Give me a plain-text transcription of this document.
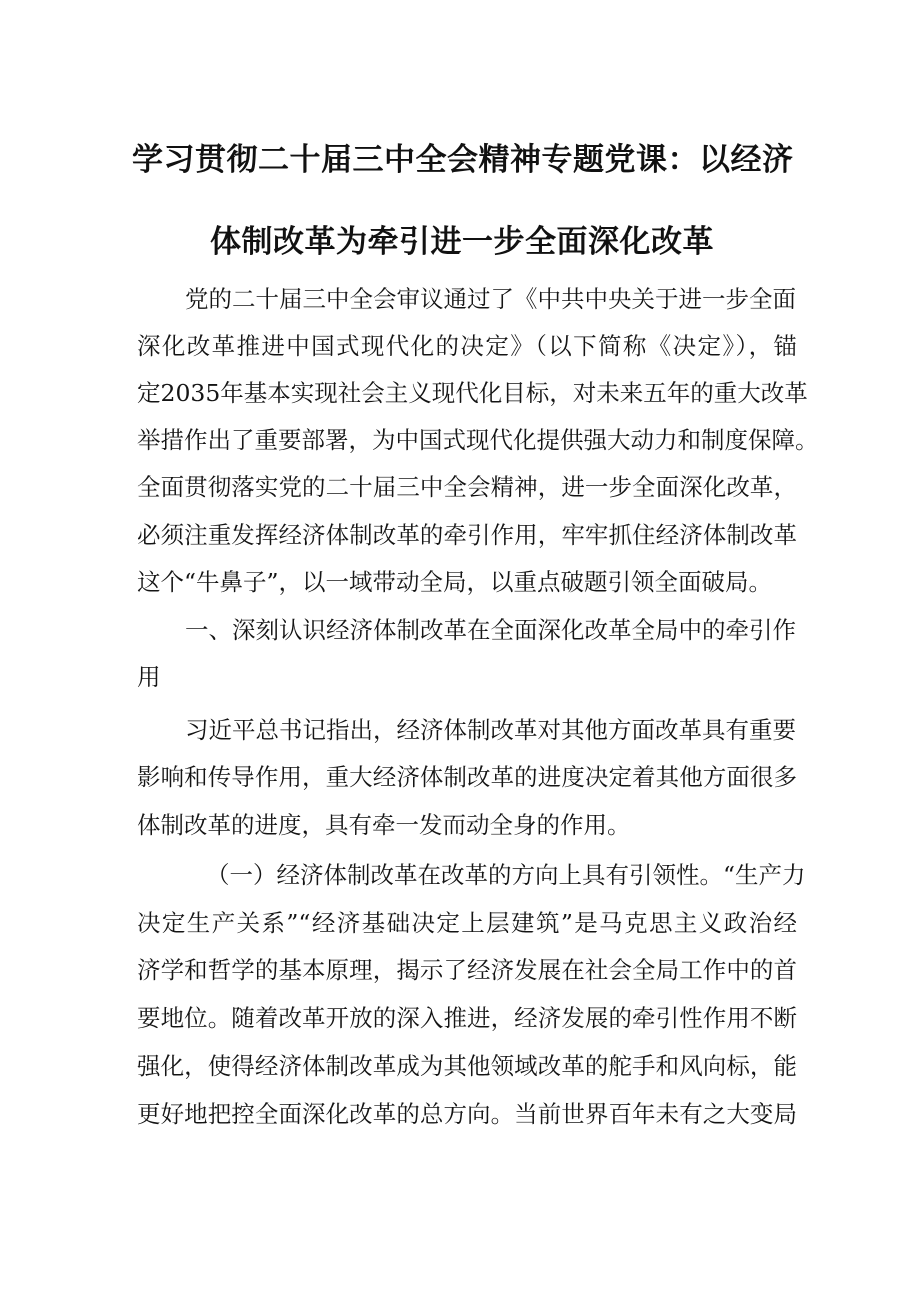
学习贯彻二十届三中全会精神专题党课：以经济
体制改革为牵引进一步全面深化改革
党的二十届三中全会审议通过了《中共中央关于进一步全面
深化改革推进中国式现代化的决定》（以下简称《决定》），锚
定2035年基本实现社会主义现代化目标，对未来五年的重大改革
举措作出了重要部署，为中国式现代化提供强大动力和制度保障。
全面贯彻落实党的二十届三中全会精神，进一步全面深化改革，
必须注重发挥经济体制改革的牵引作用，牢牢抓住经济体制改革
这个“牛鼻子”，以一域带动全局，以重点破题引领全面破局。
一、深刻认识经济体制改革在全面深化改革全局中的牵引作
用
习近平总书记指出，经济体制改革对其他方面改革具有重要
影响和传导作用，重大经济体制改革的进度决定着其他方面很多
体制改革的进度，具有牵一发而动全身的作用。
（一）经济体制改革在改革的方向上具有引领性。“生产力
决定生产关系”“经济基础决定上层建筑”是马克思主义政治经
济学和哲学的基本原理，揭示了经济发展在社会全局工作中的首
要地位。随着改革开放的深入推进，经济发展的牵引性作用不断
强化，使得经济体制改革成为其他领域改革的舵手和风向标，能
更好地把控全面深化改革的总方向。当前世界百年未有之大变局
